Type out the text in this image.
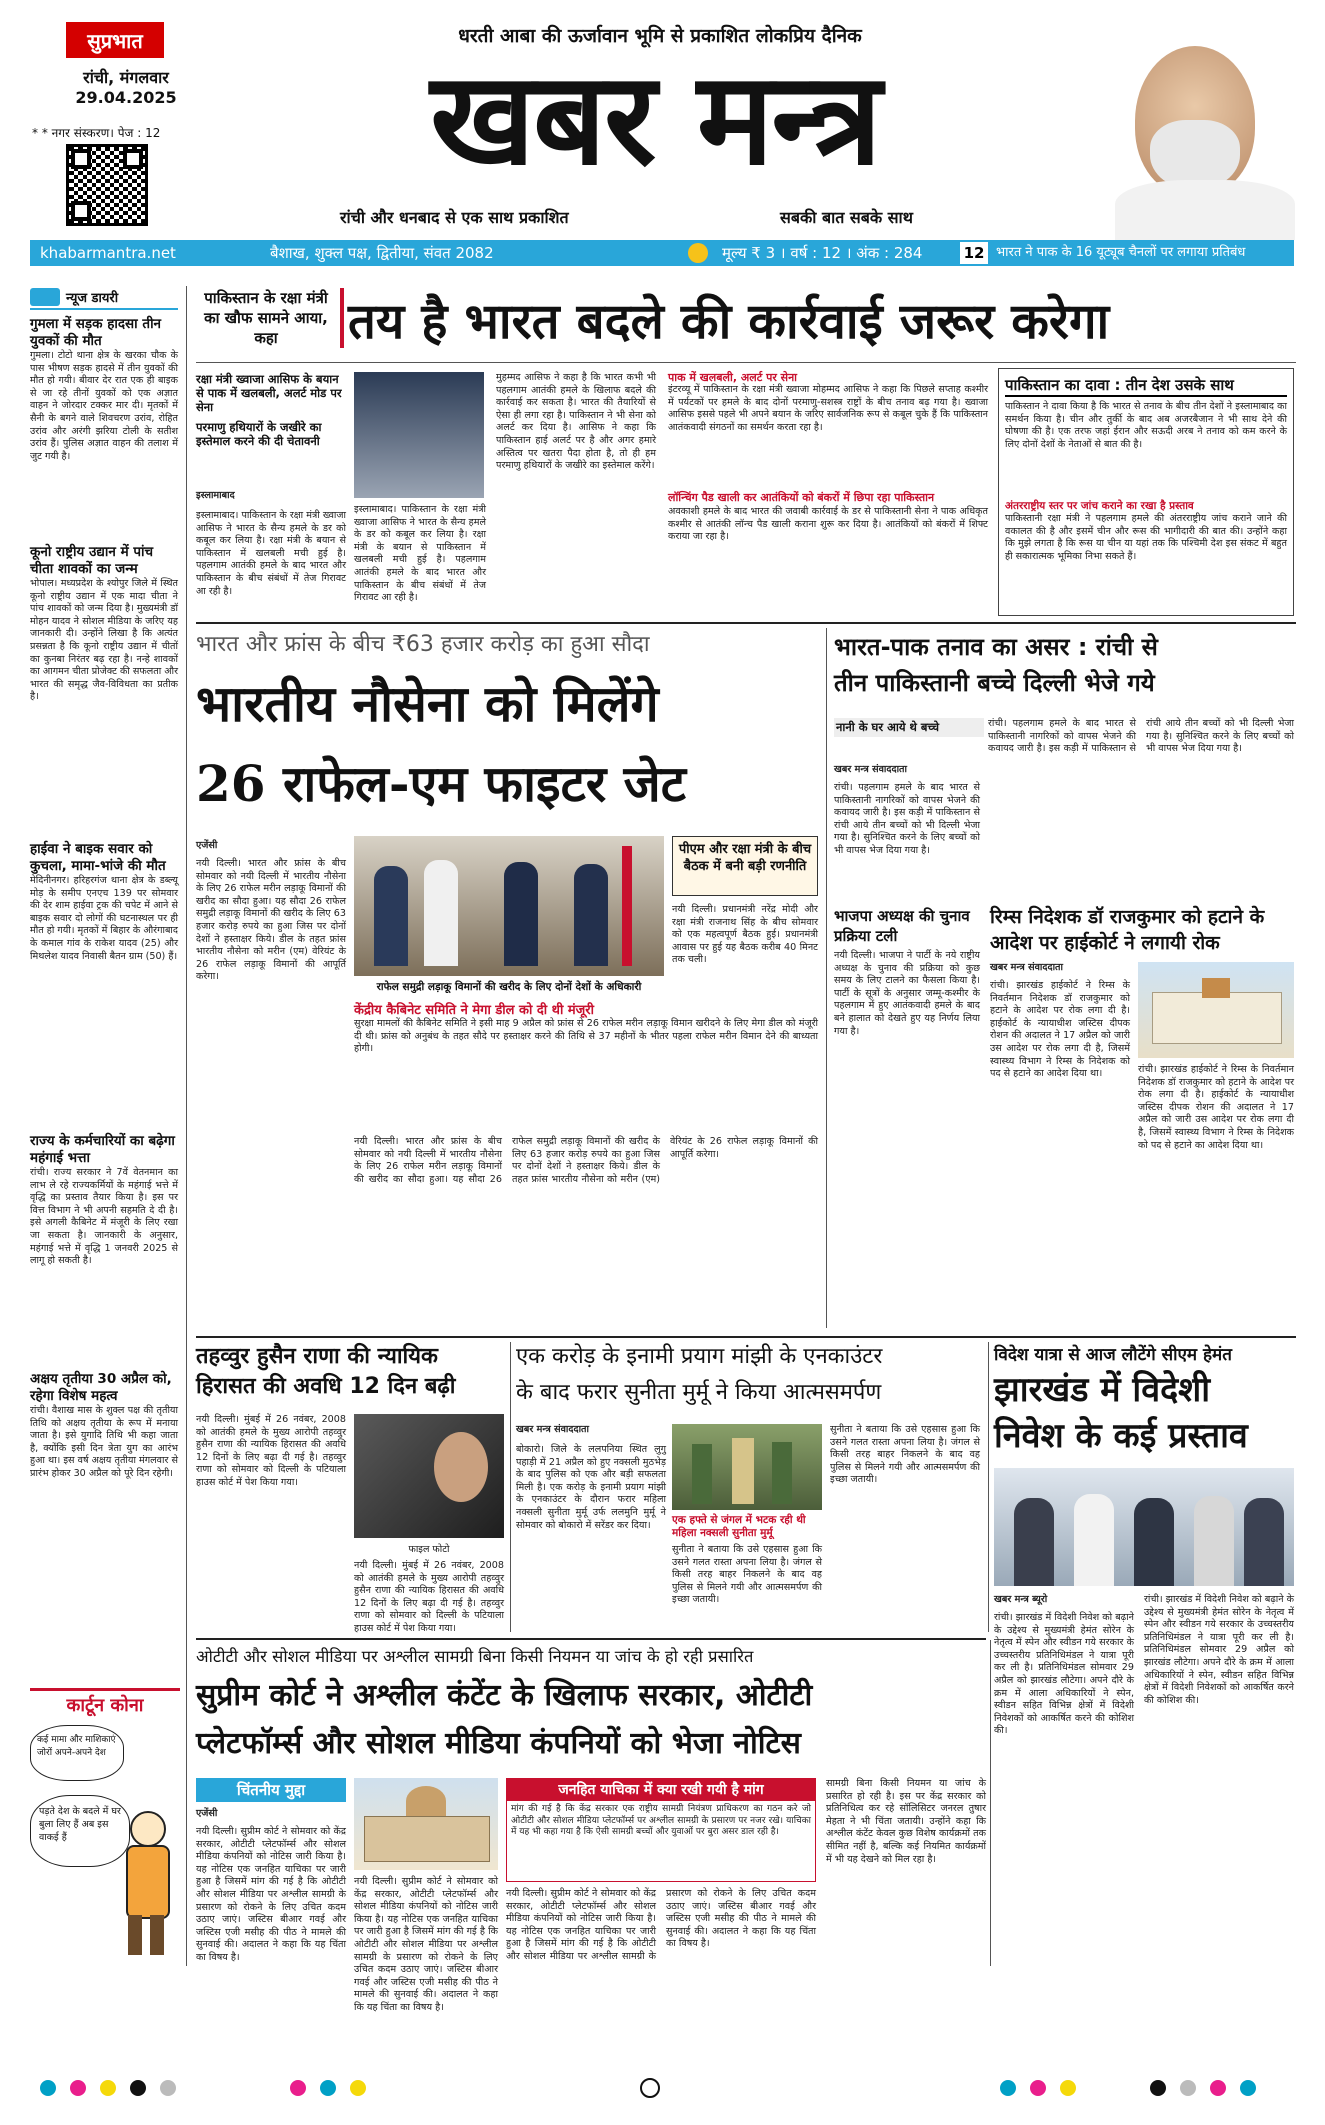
सुप्रभात
रांची, मंगलवार
29.04.2025
* * नगर संस्करण। पेज : 12
धरती आबा की ऊर्जावान भूमि से प्रकाशित लोकप्रिय दैनिक
खबर मन्त्र
रांची और धनबाद से एक साथ प्रकाशित	सबकी बात सबके साथ
khabarmantra.net	बैशाख, शुक्ल पक्ष, द्वितीया, संवत 2082	मूल्य ₹ 3 । वर्ष : 12 । अंक : 284	12 भारत ने पाक के 16 यूट्यूब चैनलों पर लगाया प्रतिबंध
न्यूज डायरी
गुमला में सड़क हादसा तीन युवकों की मौत
गुमला। टोटो थाना क्षेत्र के खरका चौक के पास भीषण सड़क हादसे में तीन युवकों की मौत हो गयी। बीवार देर रात एक ही बाइक से जा रहे तीनों युवकों को एक अज्ञात वाहन ने जोरदार टक्कर मार दी। मृतकों में सैनी के बगने वाले शिवचरण उरांव, रोहित उरांव और अरंगी झरिया टोली के सतीश उरांव हैं। पुलिस अज्ञात वाहन की तलाश में जुट गयी है।
कूनो राष्ट्रीय उद्यान में पांच चीता शावकों का जन्म
भोपाल। मध्यप्रदेश के श्योपुर जिले में स्थित कूनो राष्ट्रीय उद्यान में एक मादा चीता ने पांच शावकों को जन्म दिया है। मुख्यमंत्री डॉ मोहन यादव ने सोशल मीडिया के जरिए यह जानकारी दी। उन्होंने लिखा है कि अत्यंत प्रसन्नता है कि कूनो राष्ट्रीय उद्यान में चीतों का कुनबा निरंतर बढ़ रहा है। नन्हे शावकों का आगमन चीता प्रोजेक्ट की सफलता और भारत की समृद्ध जैव-विविधता का प्रतीक है।
हाईवा ने बाइक सवार को कुचला, मामा-भांजे की मौत
मेदिनीनगर। हरिहरगंज थाना क्षेत्र के डब्ल्यू मोड़ के समीप एनएच 139 पर सोमवार की देर शाम हाईवा ट्रक की चपेट में आने से बाइक सवार दो लोगों की घटनास्थल पर ही मौत हो गयी। मृतकों में बिहार के औरंगाबाद के कमाल गांव के राकेश यादव (25) और मिथलेश यादव निवासी बैतन ग्राम (50) हैं।
राज्य के कर्मचारियों का बढ़ेगा महंगाई भत्ता
रांची। राज्य सरकार ने 7वें वेतनमान का लाभ ले रहे राज्यकर्मियों के महंगाई भत्ते में वृद्धि का प्रस्ताव तैयार किया है। इस पर वित्त विभाग ने भी अपनी सहमति दे दी है। इसे अगली कैबिनेट में मंजूरी के लिए रखा जा सकता है। जानकारी के अनुसार, महंगाई भत्ते में वृद्धि 1 जनवरी 2025 से लागू हो सकती है।
अक्षय तृतीया 30 अप्रैल को, रहेगा विशेष महत्व
रांची। वैशाख मास के शुक्ल पक्ष की तृतीया तिथि को अक्षय तृतीया के रूप में मनाया जाता है। इसे युगादि तिथि भी कहा जाता है, क्योंकि इसी दिन त्रेता युग का आरंभ हुआ था। इस वर्ष अक्षय तृतीया मंगलवार से प्रारंभ होकर 30 अप्रैल को पूरे दिन रहेगी।
कार्टून कोना
कई मामा और माशिकाएं जोरों अपने-अपने देश
पड़ते देश के बदले में घर बुला लिए हैं अब इस वाकई हैं
पाकिस्तान के रक्षा मंत्री का खौफ सामने आया, कहा	तय है भारत बदले की कार्रवाई जरूर करेगा
रक्षा मंत्री ख्वाजा आसिफ के बयान से पाक में खलबली, अलर्ट मोड पर सेना
परमाणु हथियारों के जखीरे का इस्तेमाल करने की दी चेतावनी
इस्लामाबाद
इस्लामाबाद। पाकिस्तान के रक्षा मंत्री ख्वाजा आसिफ ने भारत के सैन्य हमले के डर को कबूल कर लिया है। रक्षा मंत्री के बयान से पाकिस्तान में खलबली मची हुई है। पहलगाम आतंकी हमले के बाद भारत और पाकिस्तान के बीच संबंधों में तेज गिरावट आ रही है।
इस्लामाबाद। पाकिस्तान के रक्षा मंत्री ख्वाजा आसिफ ने भारत के सैन्य हमले के डर को कबूल कर लिया है। रक्षा मंत्री के बयान से पाकिस्तान में खलबली मची हुई है। पहलगाम आतंकी हमले के बाद भारत और पाकिस्तान के बीच संबंधों में तेज गिरावट आ रही है।
मुहम्मद आसिफ ने कहा है कि भारत कभी भी पहलगाम आतंकी हमले के खिलाफ बदले की कार्रवाई कर सकता है। भारत की तैयारियों से ऐसा ही लगा रहा है। पाकिस्तान ने भी सेना को अलर्ट कर दिया है। आसिफ ने कहा कि पाकिस्तान हाई अलर्ट पर है और अगर हमारे अस्तित्व पर खतरा पैदा होता है, तो ही हम परमाणु हथियारों के जखीरे का इस्तेमाल करेंगे।
पाक में खलबली, अलर्ट पर सेना
इंटरव्यू में पाकिस्तान के रक्षा मंत्री ख्वाजा मोहम्मद आसिफ ने कहा कि पिछले सप्ताह कश्मीर में पर्यटकों पर हमले के बाद दोनों परमाणु-सशस्त्र राष्ट्रों के बीच तनाव बढ़ गया है। ख्वाजा आसिफ इससे पहले भी अपने बयान के जरिए सार्वजनिक रूप से कबूल चुके हैं कि पाकिस्तान आतंकवादी संगठनों का समर्थन करता रहा है।
लॉन्चिंग पैड खाली कर आतंकियों को बंकरों में छिपा रहा पाकिस्तान
अवकाशी हमले के बाद भारत की जवाबी कार्रवाई के डर से पाकिस्तानी सेना ने पाक अधिकृत कश्मीर से आतंकी लॉन्च पैड खाली कराना शुरू कर दिया है। आतंकियों को बंकरों में शिफ्ट कराया जा रहा है।
पाकिस्तान का दावा : तीन देश उसके साथ
पाकिस्तान ने दावा किया है कि भारत से तनाव के बीच तीन देशों ने इस्लामाबाद का समर्थन किया है। चीन और तुर्की के बाद अब अजरबैजान ने भी साथ देने की घोषणा की है। एक तरफ जहां ईरान और सऊदी अरब ने तनाव को कम करने के लिए दोनों देशों के नेताओं से बात की है।
अंतरराष्ट्रीय स्तर पर जांच कराने का रखा है प्रस्ताव
पाकिस्तानी रक्षा मंत्री ने पहलगाम हमले की अंतरराष्ट्रीय जांच कराने जाने की वकालत की है और इसमें चीन और रूस की भागीदारी की बात की। उन्होंने कहा कि मुझे लगता है कि रूस या चीन या यहां तक कि पश्चिमी देश इस संकट में बहुत ही सकारात्मक भूमिका निभा सकते हैं।
भारत और फ्रांस के बीच ₹63 हजार करोड़ का हुआ सौदा
भारतीय नौसेना को मिलेंगे
26 राफेल-एम फाइटर जेट
एजेंसी
नयी दिल्ली। भारत और फ्रांस के बीच सोमवार को नयी दिल्ली में भारतीय नौसेना के लिए 26 राफेल मरीन लड़ाकू विमानों की खरीद का सौदा हुआ। यह सौदा 26 राफेल समुद्री लड़ाकू विमानों की खरीद के लिए 63 हजार करोड़ रुपये का हुआ जिस पर दोनों देशों ने हस्ताक्षर किये। डील के तहत फ्रांस भारतीय नौसेना को मरीन (एम) वेरियंट के 26 राफेल लड़ाकू विमानों की आपूर्ति करेगा।
राफेल समुद्री लड़ाकू विमानों की खरीद के लिए दोनों देशों के अधिकारी
पीएम और रक्षा मंत्री के बीच बैठक में बनी बड़ी रणनीति
नयी दिल्ली। प्रधानमंत्री नरेंद्र मोदी और रक्षा मंत्री राजनाथ सिंह के बीच सोमवार को एक महत्वपूर्ण बैठक हुई। प्रधानमंत्री आवास पर हुई यह बैठक करीब 40 मिनट तक चली।
केंद्रीय कैबिनेट समिति ने मेगा डील को दी थी मंजूरी
सुरक्षा मामलों की कैबिनेट समिति ने इसी माह 9 अप्रैल को फ्रांस से 26 राफेल मरीन लड़ाकू विमान खरीदने के लिए मेगा डील को मंजूरी दी थी। फ्रांस को अनुबंध के तहत सौदे पर हस्ताक्षर करने की तिथि से 37 महीनों के भीतर पहला राफेल मरीन विमान देने की बाध्यता होगी।
नयी दिल्ली। भारत और फ्रांस के बीच सोमवार को नयी दिल्ली में भारतीय नौसेना के लिए 26 राफेल मरीन लड़ाकू विमानों की खरीद का सौदा हुआ। यह सौदा 26 राफेल समुद्री लड़ाकू विमानों की खरीद के लिए 63 हजार करोड़ रुपये का हुआ जिस पर दोनों देशों ने हस्ताक्षर किये। डील के तहत फ्रांस भारतीय नौसेना को मरीन (एम) वेरियंट के 26 राफेल लड़ाकू विमानों की आपूर्ति करेगा।
भारत-पाक तनाव का असर : रांची से
तीन पाकिस्तानी बच्चे दिल्ली भेजे गये
नानी के घर आये थे बच्चे
खबर मन्त्र संवाददाता
रांची। पहलगाम हमले के बाद भारत से पाकिस्तानी नागरिकों को वापस भेजने की कवायद जारी है। इस कड़ी में पाकिस्तान से रांची आये तीन बच्चों को भी दिल्ली भेजा गया है। सुनिश्चित करने के लिए बच्चों को भी वापस भेज दिया गया है।
रांची। पहलगाम हमले के बाद भारत से पाकिस्तानी नागरिकों को वापस भेजने की कवायद जारी है। इस कड़ी में पाकिस्तान से रांची आये तीन बच्चों को भी दिल्ली भेजा गया है। सुनिश्चित करने के लिए बच्चों को भी वापस भेज दिया गया है।
भाजपा अध्यक्ष की चुनाव प्रक्रिया टली
नयी दिल्ली। भाजपा ने पार्टी के नये राष्ट्रीय अध्यक्ष के चुनाव की प्रक्रिया को कुछ समय के लिए टालने का फैसला किया है। पार्टी के सूत्रों के अनुसार जम्मू-कश्मीर के पहलगाम में हुए आतंकवादी हमले के बाद बने हालात को देखते हुए यह निर्णय लिया गया है।
रिम्स निदेशक डॉ राजकुमार को हटाने के आदेश पर हाईकोर्ट ने लगायी रोक
खबर मन्त्र संवाददाता
रांची। झारखंड हाईकोर्ट ने रिम्स के निवर्तमान निदेशक डॉ राजकुमार को हटाने के आदेश पर रोक लगा दी है। हाईकोर्ट के न्यायाधीश जस्टिस दीपक रोशन की अदालत ने 17 अप्रैल को जारी उस आदेश पर रोक लगा दी है, जिसमें स्वास्थ्य विभाग ने रिम्स के निदेशक को पद से हटाने का आदेश दिया था।	रांची। झारखंड हाईकोर्ट ने रिम्स के निवर्तमान निदेशक डॉ राजकुमार को हटाने के आदेश पर रोक लगा दी है। हाईकोर्ट के न्यायाधीश जस्टिस दीपक रोशन की अदालत ने 17 अप्रैल को जारी उस आदेश पर रोक लगा दी है, जिसमें स्वास्थ्य विभाग ने रिम्स के निदेशक को पद से हटाने का आदेश दिया था।
तहव्वुर हुसैन राणा की न्यायिक हिरासत की अवधि 12 दिन बढ़ी
नयी दिल्ली। मुंबई में 26 नवंबर, 2008 को आतंकी हमले के मुख्य आरोपी तहव्वुर हुसैन राणा की न्यायिक हिरासत की अवधि 12 दिनों के लिए बढ़ा दी गई है। तहव्वुर राणा को सोमवार को दिल्ली के पटियाला हाउस कोर्ट में पेश किया गया।
फाइल फोटो
नयी दिल्ली। मुंबई में 26 नवंबर, 2008 को आतंकी हमले के मुख्य आरोपी तहव्वुर हुसैन राणा की न्यायिक हिरासत की अवधि 12 दिनों के लिए बढ़ा दी गई है। तहव्वुर राणा को सोमवार को दिल्ली के पटियाला हाउस कोर्ट में पेश किया गया।
एक करोड़ के इनामी प्रयाग मांझी के एनकाउंटर
के बाद फरार सुनीता मुर्मू ने किया आत्मसमर्पण
खबर मन्त्र संवाददाता
बोकारो। जिले के ललपनिया स्थित लुगु पहाड़ी में 21 अप्रैल को हुए नक्सली मुठभेड़ के बाद पुलिस को एक और बड़ी सफलता मिली है। एक करोड़ के इनामी प्रयाग मांझी के एनकाउंटर के दौरान फरार महिला नक्सली सुनीता मुर्मू उर्फ ललमुनि मुर्मू ने सोमवार को बोकारो में सरेंडर कर दिया।	एक हफ्ते से जंगल में भटक रही थी महिला नक्सली सुनीता मुर्मू
सुनीता ने बताया कि उसे एहसास हुआ कि उसने गलत रास्ता अपना लिया है। जंगल से किसी तरह बाहर निकलने के बाद वह पुलिस से मिलने गयी और आत्मसमर्पण की इच्छा जतायी।
सुनीता ने बताया कि उसे एहसास हुआ कि उसने गलत रास्ता अपना लिया है। जंगल से किसी तरह बाहर निकलने के बाद वह पुलिस से मिलने गयी और आत्मसमर्पण की इच्छा जतायी।
विदेश यात्रा से आज लौटेंगे सीएम हेमंत
झारखंड में विदेशी
निवेश के कई प्रस्ताव
खबर मन्त्र ब्यूरो
रांची। झारखंड में विदेशी निवेश को बढ़ाने के उद्देश्य से मुख्यमंत्री हेमंत सोरेन के नेतृत्व में स्पेन और स्वीडन गये सरकार के उच्चस्तरीय प्रतिनिधिमंडल ने यात्रा पूरी कर ली है। प्रतिनिधिमंडल सोमवार 29 अप्रैल को झारखंड लौटेगा। अपने दौरे के क्रम में आला अधिकारियों ने स्पेन, स्वीडन सहित विभिन्न क्षेत्रों में विदेशी निवेशकों को आकर्षित करने की कोशिश की।
रांची। झारखंड में विदेशी निवेश को बढ़ाने के उद्देश्य से मुख्यमंत्री हेमंत सोरेन के नेतृत्व में स्पेन और स्वीडन गये सरकार के उच्चस्तरीय प्रतिनिधिमंडल ने यात्रा पूरी कर ली है। प्रतिनिधिमंडल सोमवार 29 अप्रैल को झारखंड लौटेगा। अपने दौरे के क्रम में आला अधिकारियों ने स्पेन, स्वीडन सहित विभिन्न क्षेत्रों में विदेशी निवेशकों को आकर्षित करने की कोशिश की।
ओटीटी और सोशल मीडिया पर अश्लील सामग्री बिना किसी नियमन या जांच के हो रही प्रसारित
सुप्रीम कोर्ट ने अश्लील कंटेंट के खिलाफ सरकार, ओटीटी
प्लेटफॉर्म्स और सोशल मीडिया कंपनियों को भेजा नोटिस
चिंतनीय मुद्दा
एजेंसी
नयी दिल्ली। सुप्रीम कोर्ट ने सोमवार को केंद्र सरकार, ओटीटी प्लेटफॉर्म्स और सोशल मीडिया कंपनियों को नोटिस जारी किया है। यह नोटिस एक जनहित याचिका पर जारी हुआ है जिसमें मांग की गई है कि ओटीटी और सोशल मीडिया पर अश्लील सामग्री के प्रसारण को रोकने के लिए उचित कदम उठाए जाएं। जस्टिस बीआर गवई और जस्टिस एजी मसीह की पीठ ने मामले की सुनवाई की। अदालत ने कहा कि यह चिंता का विषय है।
नयी दिल्ली। सुप्रीम कोर्ट ने सोमवार को केंद्र सरकार, ओटीटी प्लेटफॉर्म्स और सोशल मीडिया कंपनियों को नोटिस जारी किया है। यह नोटिस एक जनहित याचिका पर जारी हुआ है जिसमें मांग की गई है कि ओटीटी और सोशल मीडिया पर अश्लील सामग्री के प्रसारण को रोकने के लिए उचित कदम उठाए जाएं। जस्टिस बीआर गवई और जस्टिस एजी मसीह की पीठ ने मामले की सुनवाई की। अदालत ने कहा कि यह चिंता का विषय है।
जनहित याचिका में क्या रखी गयी है मांग
मांग की गई है कि केंद्र सरकार एक राष्ट्रीय सामग्री नियंत्रण प्राधिकरण का गठन करे जो ओटीटी और सोशल मीडिया प्लेटफॉर्म्स पर अश्लील सामग्री के प्रसारण पर नजर रखे। याचिका में यह भी कहा गया है कि ऐसी सामग्री बच्चों और युवाओं पर बुरा असर डाल रही है।
नयी दिल्ली। सुप्रीम कोर्ट ने सोमवार को केंद्र सरकार, ओटीटी प्लेटफॉर्म्स और सोशल मीडिया कंपनियों को नोटिस जारी किया है। यह नोटिस एक जनहित याचिका पर जारी हुआ है जिसमें मांग की गई है कि ओटीटी और सोशल मीडिया पर अश्लील सामग्री के प्रसारण को रोकने के लिए उचित कदम उठाए जाएं। जस्टिस बीआर गवई और जस्टिस एजी मसीह की पीठ ने मामले की सुनवाई की। अदालत ने कहा कि यह चिंता का विषय है।
सामग्री बिना किसी नियमन या जांच के प्रसारित हो रही है। इस पर केंद्र सरकार को प्रतिनिधित्व कर रहे सॉलिसिटर जनरल तुषार मेहता ने भी चिंता जतायी। उन्होंने कहा कि अश्लील कंटेंट केवल कुछ विशेष कार्यक्रमों तक सीमित नहीं है, बल्कि कई नियमित कार्यक्रमों में भी यह देखने को मिल रहा है।
